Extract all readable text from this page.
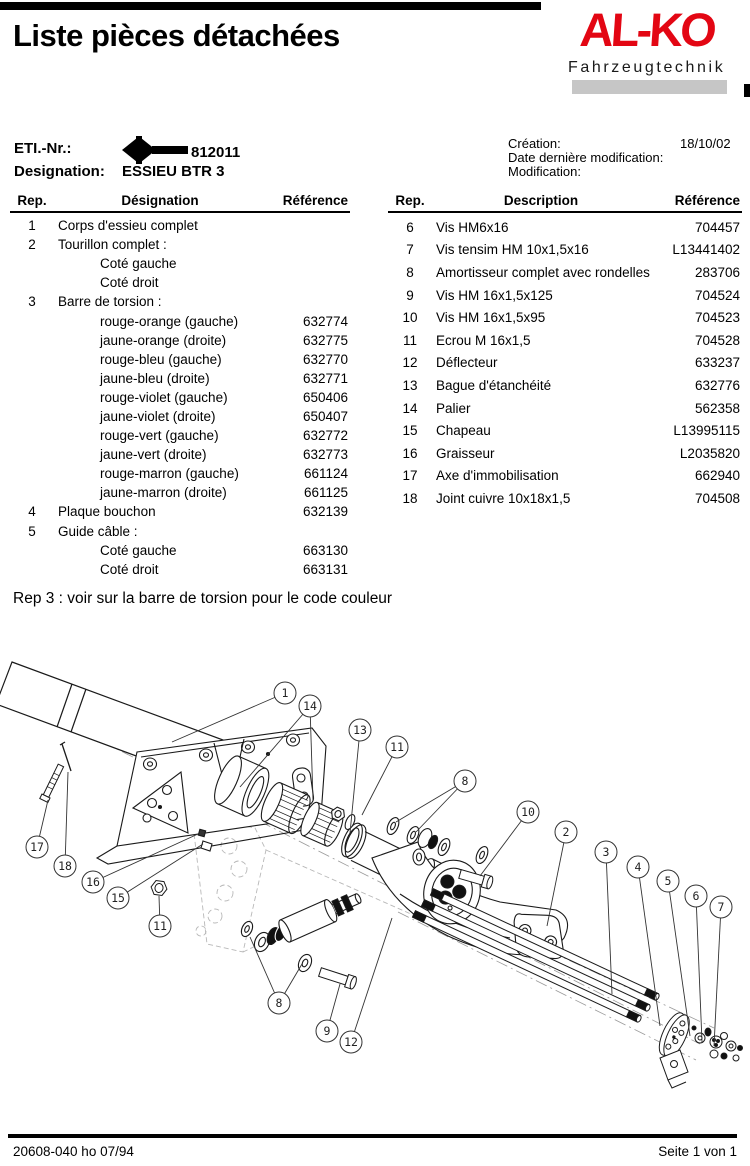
Liste pièces détachées	AL-KO
Fahrzeugtechnik
ETI.-Nr.:	812011
Designation: ESSIEU BTR 3
Création:	18/10/02
Date dernière modification:
Modification:
Rep.	Désignation	Référence
1	Corps d'essieu complet
2	Tourillon complet :
Coté gauche
Coté droit
3	Barre de torsion :
rouge-orange (gauche)	632774
jaune-orange (droite)	632775
rouge-bleu (gauche)	632770
jaune-bleu (droite)	632771
rouge-violet (gauche)	650406
jaune-violet (droite)	650407
rouge-vert (gauche)	632772
jaune-vert (droite)	632773
rouge-marron (gauche)	661124
jaune-marron (droite)	661125
4	Plaque bouchon	632139
5	Guide câble :
Coté gauche	663130
Coté droit	663131
Rep.	Description	Référence
6	Vis HM6x16	704457
7	Vis tensim HM 10x1,5x16	L13441402
8	Amortisseur complet avec rondelles	283706
9	Vis HM 16x1,5x125	704524
10	Vis HM 16x1,5x95	704523
11	Ecrou M 16x1,5	704528
12	Déflecteur	633237
13	Bague d'étanchéité	632776
14	Palier	562358
15	Chapeau	L13995115
16	Graisseur	L2035820
17	Axe d'immobilisation	662940
18	Joint cuivre 10x18x1,5	704508
Rep 3 : voir sur la barre de torsion pour le code couleur
1
14
13
11
8
10
2
3
4
5
6
7
17
18
16
15
11
8
9
12
20608-040 ho 07/94	Seite 1 von 1
